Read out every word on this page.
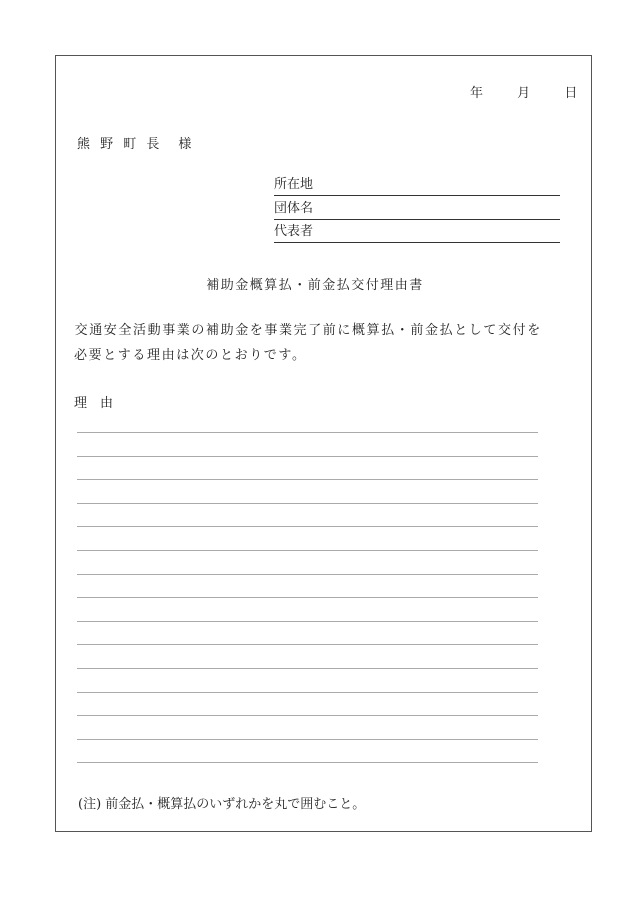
年	月	日
熊 野 町 長　様
所在地
団体名
代表者
補助金概算払・前金払交付理由書
　交通安全活動事業の補助金を事業完了前に概算払・前金払として交付を
必要とする理由は次のとおりです。
理　由
(注) 前金払・概算払のいずれかを丸で囲むこと。
